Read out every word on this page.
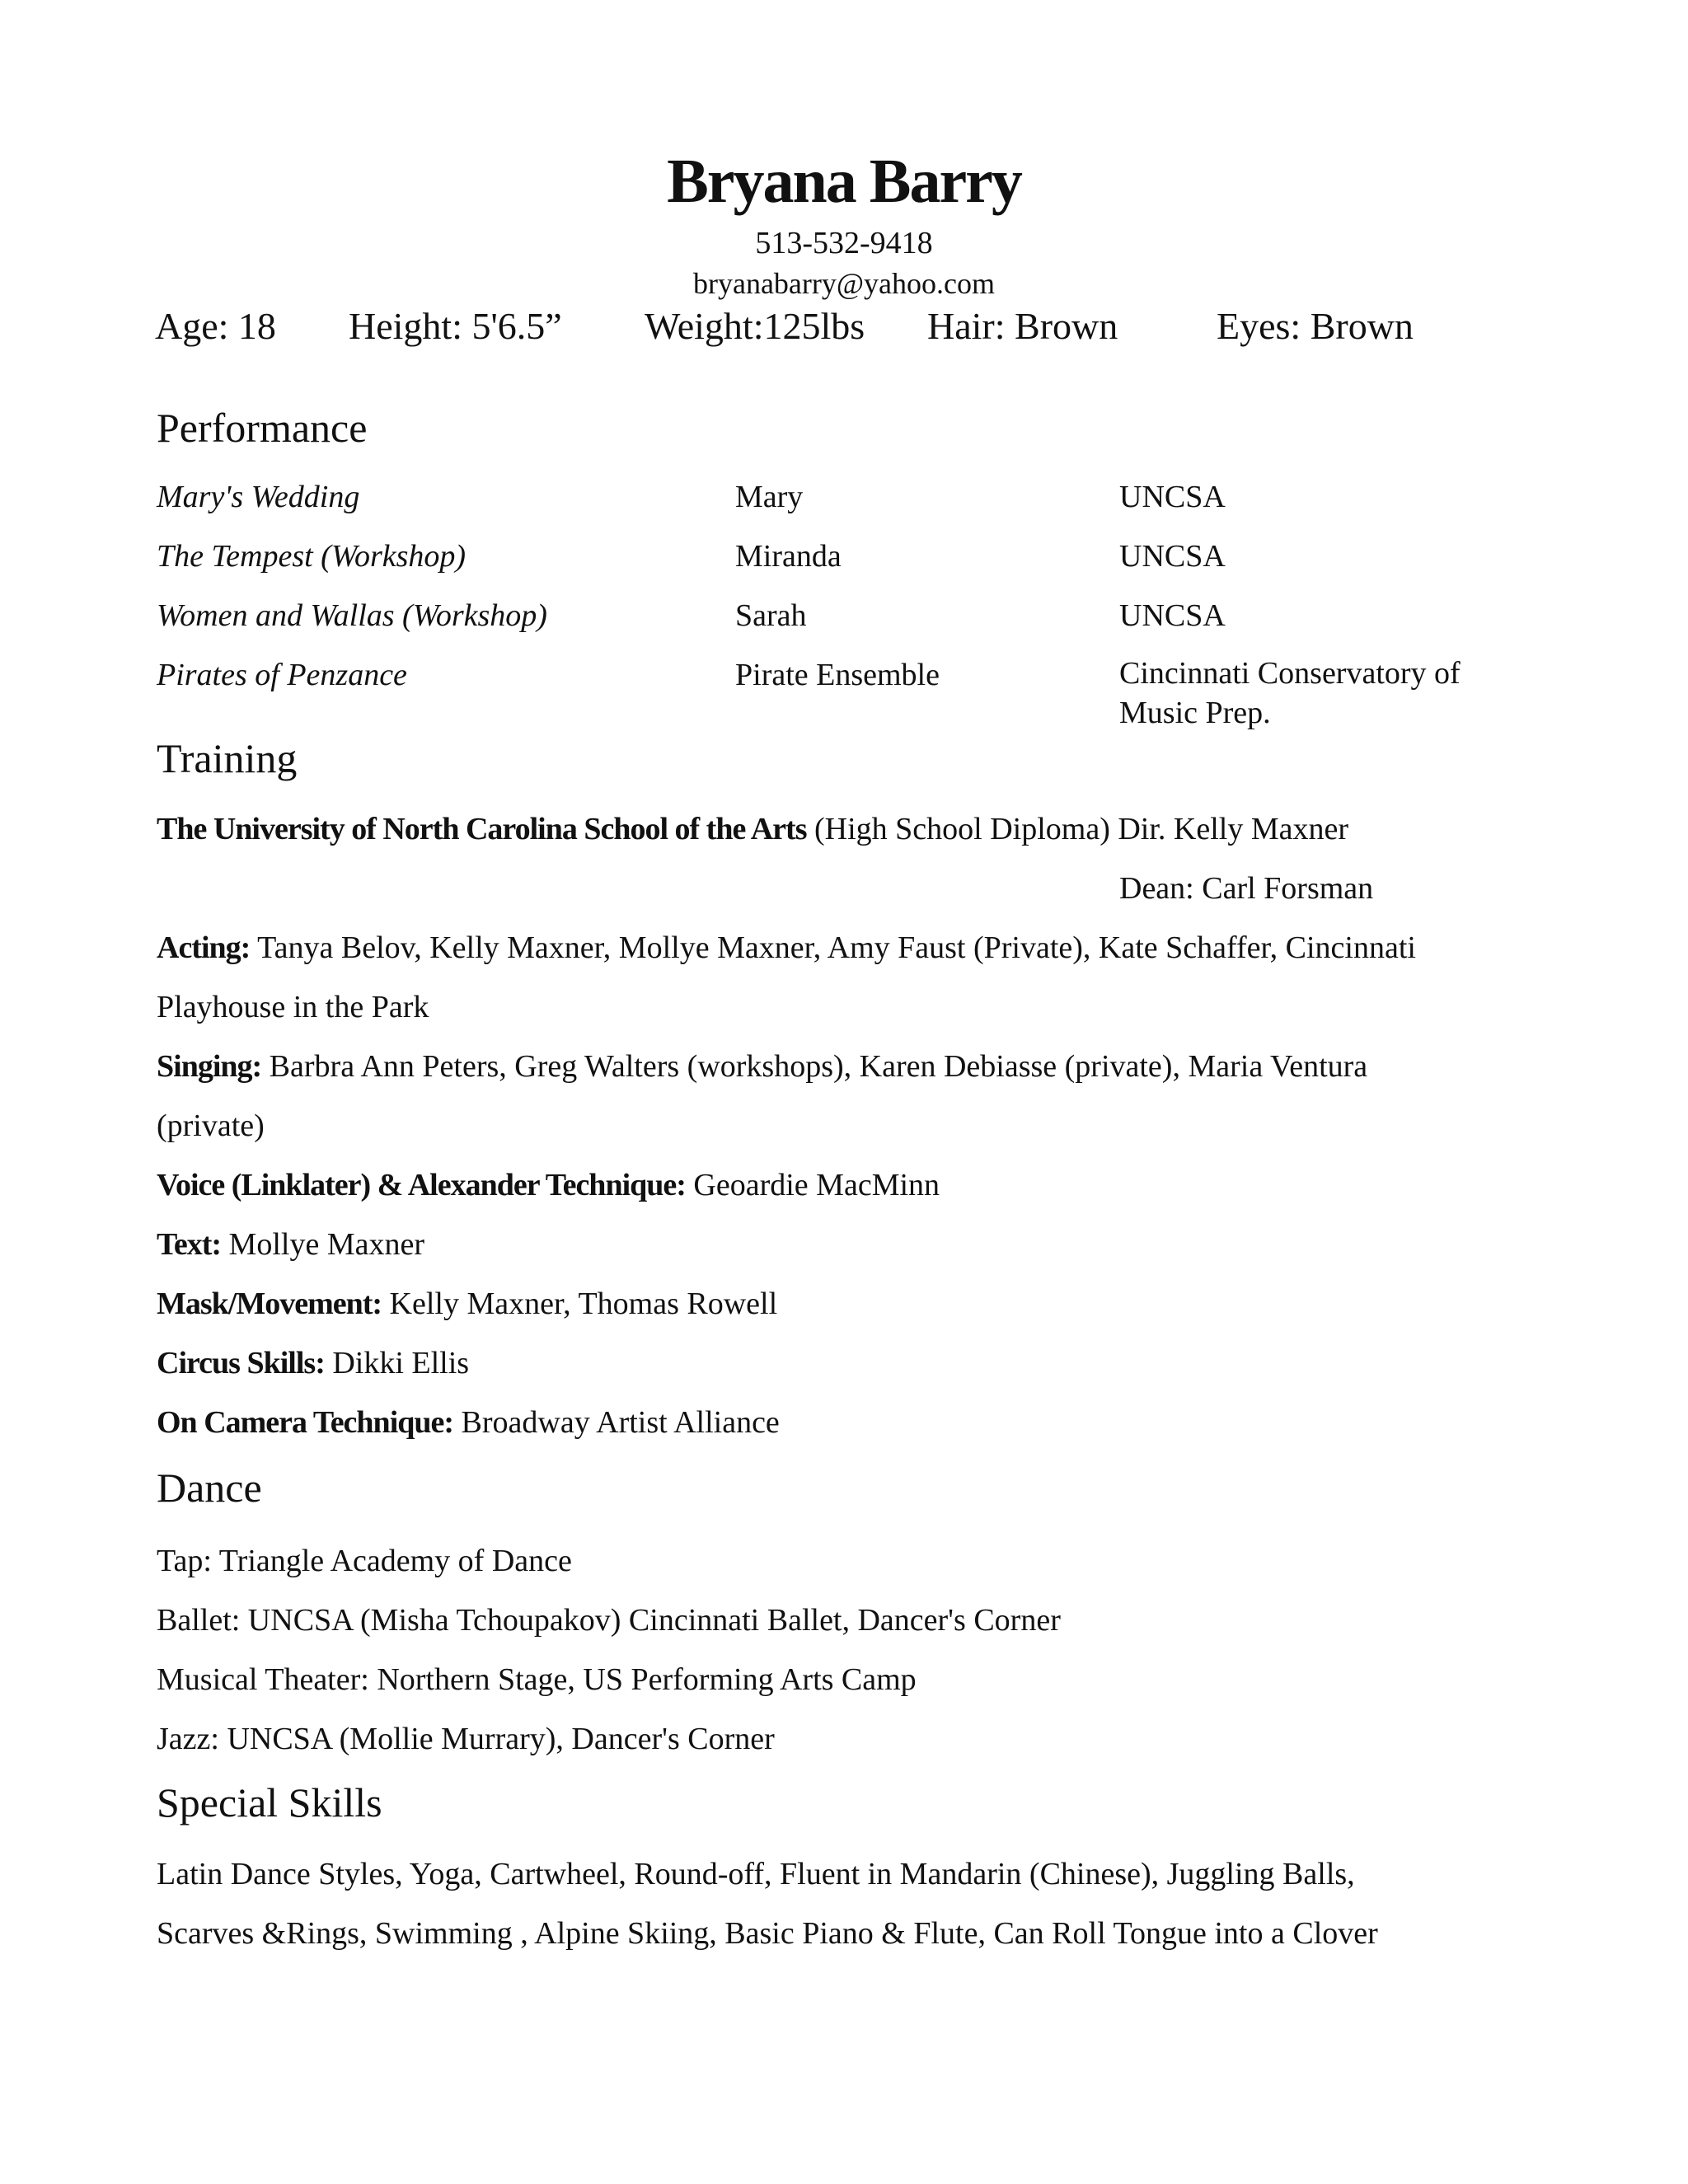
Bryana Barry
513-532-9418
bryanabarry@yahoo.com
Age: 18 Height: 5'6.5” Weight:125lbs Hair: Brown	Eyes: Brown
Performance
Mary's Wedding	Mary	UNCSA
The Tempest (Workshop)	Miranda	UNCSA
Women and Wallas (Workshop)	Sarah	UNCSA
Pirates of Penzance	Pirate Ensemble	Cincinnati Conservatory of Music Prep.
Training
The University of North Carolina School of the Arts (High School Diploma) Dir. Kelly Maxner
Dean: Carl Forsman
Acting: Tanya Belov, Kelly Maxner, Mollye Maxner, Amy Faust (Private), Kate Schaffer, Cincinnati
Playhouse in the Park
Singing: Barbra Ann Peters, Greg Walters (workshops), Karen Debiasse (private), Maria Ventura
(private)
Voice (Linklater) & Alexander Technique: Geoardie MacMinn
Text: Mollye Maxner
Mask/Movement: Kelly Maxner, Thomas Rowell
Circus Skills: Dikki Ellis
On Camera Technique: Broadway Artist Alliance
Dance
Tap: Triangle Academy of Dance
Ballet: UNCSA (Misha Tchoupakov) Cincinnati Ballet, Dancer's Corner
Musical Theater: Northern Stage, US Performing Arts Camp
Jazz: UNCSA (Mollie Murrary), Dancer's Corner
Special Skills
Latin Dance Styles, Yoga, Cartwheel, Round-off, Fluent in Mandarin (Chinese), Juggling Balls,
Scarves &Rings, Swimming , Alpine Skiing, Basic Piano & Flute, Can Roll Tongue into a Clover
